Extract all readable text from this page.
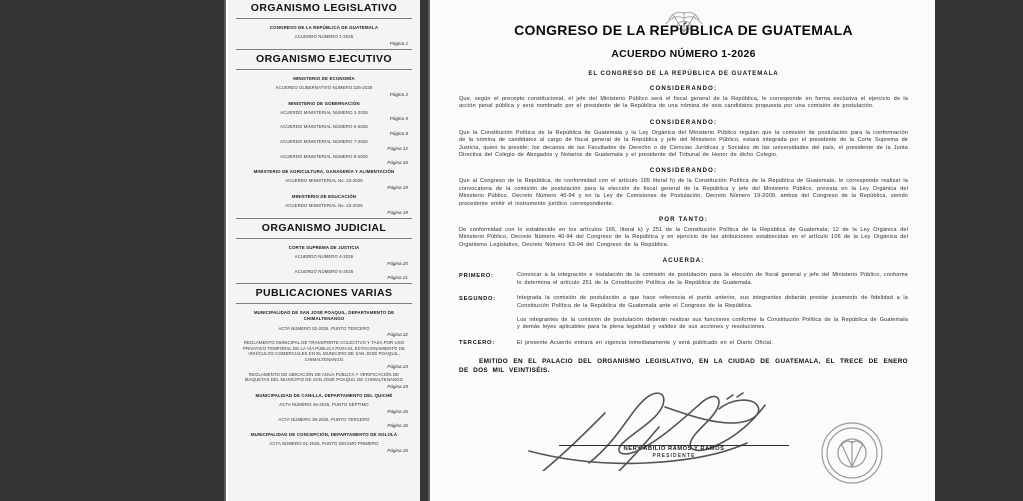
ORGANISMO LEGISLATIVO
CONGRESO DE LA REPÚBLICA DE GUATEMALA
ACUERDO NÚMERO 1-2026
Página 1
ORGANISMO EJECUTIVO
MINISTERIO DE ECONOMÍA
ACUERDO GUBERNATIVO NÚMERO 226-2025
Página 2
MINISTERIO DE GOBERNACIÓN
ACUERDO MINISTERIAL NÚMERO 1-2026
Página 5
ACUERDO MINISTERIAL NÚMERO 6-2026
Página 8
ACUERDO MINISTERIAL NÚMERO 7-2026
Página 12
ACUERDO MINISTERIAL NÚMERO 8-2026
Página 16
MINISTERIO DE AGRICULTURA, GANADERÍA Y ALIMENTACIÓN
ACUERDO MINISTERIAL No. 23-2025
Página 19
MINISTERIO DE EDUCACIÓN
ACUERDO MINISTERIAL No. 43-2026
Página 19
ORGANISMO JUDICIAL
CORTE SUPREMA DE JUSTICIA
ACUERDO NÚMERO 4-2026
Página 20
ACUERDO NÚMERO 6-2026
Página 21
PUBLICACIONES VARIAS
MUNICIPALIDAD DE SAN JOSÉ POAQUIL, DEPARTAMENTO DE CHIMALTENANGO
ACTA NÚMERO 02-2026, PUNTO TERCERO
Página 22
REGLAMENTO MUNICIPAL DE TRANSPORTE COLECTIVO Y TASA POR USO PRIVATIVO TEMPORAL DE LA VÍA PÚBLICA PARA EL ESTACIONAMIENTO DE VEHÍCULOS COMERCIALES EN EL MUNICIPIO DE SAN JOSÉ POAQUIL, CHIMALTENANGO
Página 23
REGLAMENTO DE UBICACIÓN DE AGUA PÚBLICA Y VERIFICACIÓN DE MAQUETAS DEL MUNICIPIO DE SAN JOSÉ POAQUIL DE CHIMALTENANGO
Página 25
MUNICIPALIDAD DE CANILLÁ, DEPARTAMENTO DEL QUICHÉ
ACTA NÚMERO 46-2025, PUNTO SÉPTIMO
Página 26
ACTA NÚMERO 39-2025, PUNTO TERCERO
Página 26
MUNICIPALIDAD DE CONCEPCIÓN, DEPARTAMENTO DE SOLOLÁ
ACTA NÚMERO 01-2026, PUNTO DECIMO PRIMERO
Página 26
CONGRESO DE LA REPÚBLICA DE GUATEMALA
ACUERDO NÚMERO 1-2026
EL CONGRESO DE LA REPÚBLICA DE GUATEMALA
CONSIDERANDO:
Que, según el precepto constitucional, el jefe del Ministerio Público será el fiscal general de la República, le corresponde en forma exclusiva el ejercicio de la acción penal pública y será nombrado por el presidente de la República de una nómina de seis candidatos propuesta por una comisión de postulación.
CONSIDERANDO:
Que la Constitución Política de la República de Guatemala y la Ley Orgánica del Ministerio Público regulan que la comisión de postulación para la conformación de la nómina de candidatos al cargo de fiscal general de la República y jefe del Ministerio Público, estará integrada por el presidente de la Corte Suprema de Justicia, quien la preside; los decanos de las Facultades de Derecho o de Ciencias Jurídicas y Sociales de las universidades del país, el presidente de la Junta Directiva del Colegio de Abogados y Notarios de Guatemala y el presidente del Tribunal de Honor de dicho Colegio.
CONSIDERANDO:
Que al Congreso de la República, de conformidad con el artículo 165 literal h) de la Constitución Política de la República de Guatemala, le corresponde realizar la convocatoria de la comisión de postulación para la elección de fiscal general de la República y jefe del Ministerio Público, prevista en la Ley Orgánica del Ministerio Público, Decreto Número 40-94 y en la Ley de Comisiones de Postulación, Decreto Número 19-2009, ambos del Congreso de la República, siendo procedente emitir el instrumento jurídico correspondiente.
POR TANTO:
De conformidad con lo establecido en los artículos 165, literal k) y 251 de la Constitución Política de la República de Guatemala; 12 de la Ley Orgánica del Ministerio Público, Decreto Número 40-94 del Congreso de la República y en ejercicio de las atribuciones establecidas en el artículo 106 de la Ley Orgánica del Organismo Legislativo, Decreto Número 63-94 del Congreso de la República.
ACUERDA:
PRIMERO:	Convocar a la integración e instalación de la comisión de postulación para la elección de fiscal general y jefe del Ministerio Público, conforme lo determina el artículo 251 de la Constitución Política de la República de Guatemala.
SEGUNDO:	Integrada la comisión de postulación a que hace referencia el punto anterior, sus integrantes deberán prestar juramento de fidelidad a la Constitución Política de la República de Guatemala ante el Congreso de la República.
Los integrantes de la comisión de postulación deberán realizar sus funciones conforme la Constitución Política de la República de Guatemala y demás leyes aplicables para la plena legalidad y validez de sus acciones y resoluciones.
TERCERO:	El presente Acuerdo entrará en vigencia inmediatamente y será publicado en el Diario Oficial.
EMITIDO EN EL PALACIO DEL ORGANISMO LEGISLATIVO, EN LA CIUDAD DE GUATEMALA, EL TRECE DE ENERO DE DOS MIL VEINTISÉIS.
NERY ABILIO RAMOS Y RAMOS
PRESIDENTE
